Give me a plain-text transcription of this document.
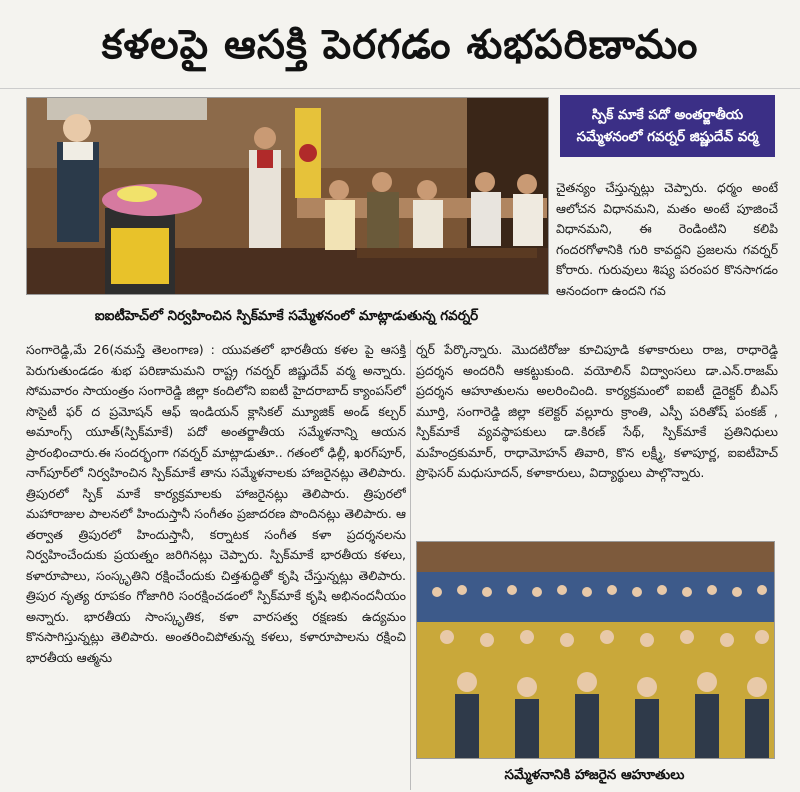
కళలపై ఆసక్తి పెరగడం శుభపరిణామం
ఐఐటీహెచ్‌లో నిర్వహించిన స్పిక్‌మాకే సమ్మేళనంలో మాట్లాడుతున్న గవర్నర్
స్పిక్ మాకే పదో అంతర్జాతీయ సమ్మేళనంలో గవర్నర్ జిష్ణుదేవ్ వర్మ

చైతన్యం చేస్తున్నట్లు చెప్పారు. ధర్మం అంటే ఆలోచన విధానమని, మతం అంటే పూజించే విధానమని, ఈ రెండింటిని కలిపి గందరగోళానికి గురి కావద్దని ప్రజలను గవర్నర్ కోరారు. గురువులు శిష్య పరంపర కొనసాగడం ఆనందంగా ఉందని గవ

సంగారెడ్డి,మే 26(నమస్తే తెలంగాణ) : యువతలో భారతీయ కళల పై ఆసక్తి పెరుగుతుండడం శుభ పరిణామమని రాష్ట్ర గవర్నర్ జిష్ణుదేవ్ వర్మ అన్నారు. సోమవారం సాయంత్రం సంగారెడ్డి జిల్లా కందిలోని ఐఐటీ హైదరాబాద్ క్యాంపస్‌లో సొసైటీ ఫర్ ద ప్రమోషన్ ఆఫ్ ఇండియన్ క్లాసికల్ మ్యూజిక్ అండ్ కల్చర్ అమాంగ్స్ యూత్(స్పిక్‌మాకే) పదో అంతర్జాతీయ సమ్మేళనాన్ని ఆయన ప్రారంభించారు.ఈ సందర్భంగా గవర్నర్ మాట్లాడుతూ.. గతంలో ఢిల్లీ, ఖరగ్‌పూర్, నాగ్‌పూర్‌లో నిర్వహించిన స్పిక్‌మాకే తాను సమ్మేళనాలకు హాజరైనట్లు తెలిపారు. త్రిపురలో స్పిక్ మాకే కార్యక్రమాలకు హాజరైనట్లు తెలిపారు. త్రిపురలో మహారాజుల పాలనలో హిందుస్తానీ సంగీతం ప్రజాదరణ పొందినట్లు తెలిపారు. ఆ తర్వాత త్రిపురలో హిందుస్తానీ, కర్నాటక సంగీత కళా ప్రదర్శనలను నిర్వహించేందుకు ప్రయత్నం జరిగినట్లు చెప్పారు. స్పిక్‌మాకే భారతీయ కళలు, కళారూపాలు, సంస్కృతిని రక్షించేందుకు చిత్తశుద్ధితో కృషి చేస్తున్నట్లు తెలిపారు. త్రిపుర నృత్య రూపకం గోజాగిరి సంరక్షించడంలో స్పిక్‌మాకే కృషి అభినందనీయం అన్నారు. భారతీయ సాంస్కృతిక, కళా వారసత్వ రక్షణకు ఉద్యమం కొనసాగిస్తున్నట్లు తెలిపారు. అంతరించిపోతున్న కళలు, కళారూపాలను రక్షించి భారతీయ ఆత్మను

ర్నర్ పేర్కొన్నారు. మొదటిరోజు కూచిపూడి కళాకారులు రాజ, రాధారెడ్డి ప్రదర్శన అందరినీ ఆకట్టుకుంది. వయోలిన్ విద్వాంసలు డా.ఎన్.రాజమ్ ప్రదర్శన ఆహూతులను అలరించింది. కార్యక్రమంలో ఐఐటీ డైరెక్టర్ బీఎస్ మూర్తి, సంగారెడ్డి జిల్లా కలెక్టర్ వల్లూరు క్రాంతి, ఎస్పీ పరితోష్ పంకజ్ , స్పిక్‌మాకే వ్యవస్థాపకులు డా.కిరణ్ సేథ్, స్పిక్‌మాకే ప్రతినిధులు మహేంద్రకుమార్, రాధామోహన్ తివారి, కొన లక్ష్మీ, కళాపూర్ణ, ఐఐటీహెచ్ ప్రొఫెసర్ మధుసూదన్, కళాకారులు, విద్యార్థులు పాల్గొన్నారు.

సమ్మేళనానికి హాజరైన ఆహూతులు
